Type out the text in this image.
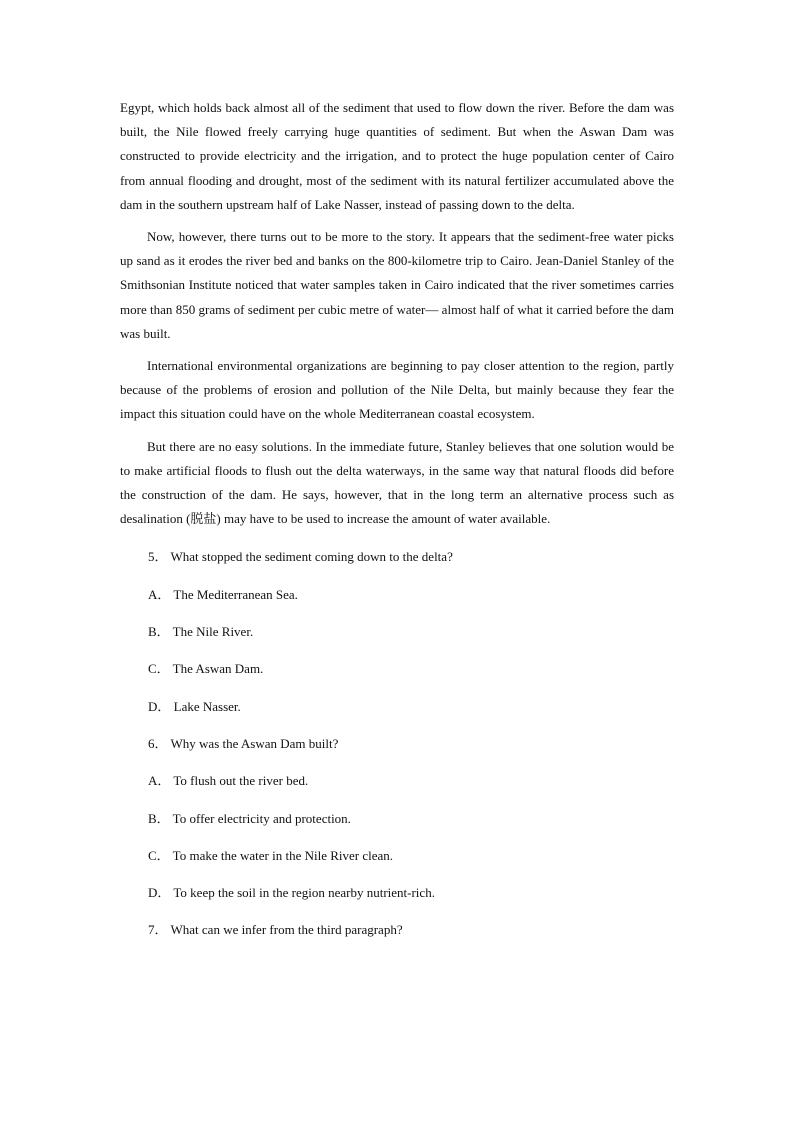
Egypt, which holds back almost all of the sediment that used to flow down the river. Before the dam was built, the Nile flowed freely carrying huge quantities of sediment. But when the Aswan Dam was constructed to provide electricity and the irrigation, and to protect the huge population center of Cairo from annual flooding and drought, most of the sediment with its natural fertilizer accumulated above the dam in the southern upstream half of Lake Nasser, instead of passing down to the delta.

Now, however, there turns out to be more to the story. It appears that the sediment-free water picks up sand as it erodes the river bed and banks on the 800-kilometre trip to Cairo. Jean-Daniel Stanley of the Smithsonian Institute noticed that water samples taken in Cairo indicated that the river sometimes carries more than 850 grams of sediment per cubic metre of water— almost half of what it carried before the dam was built.

International environmental organizations are beginning to pay closer attention to the region, partly because of the problems of erosion and pollution of the Nile Delta, but mainly because they fear the impact this situation could have on the whole Mediterranean coastal ecosystem.

But there are no easy solutions. In the immediate future, Stanley believes that one solution would be to make artificial floods to flush out the delta waterways, in the same way that natural floods did before the construction of the dam. He says, however, that in the long term an alternative process such as desalination (脱盐) may have to be used to increase the amount of water available.

5． What stopped the sediment coming down to the delta?
A． The Mediterranean Sea.
B． The Nile River.
C． The Aswan Dam.
D． Lake Nasser.
6． Why was the Aswan Dam built?
A． To flush out the river bed.
B． To offer electricity and protection.
C． To make the water in the Nile River clean.
D． To keep the soil in the region nearby nutrient-rich.
7． What can we infer from the third paragraph?
